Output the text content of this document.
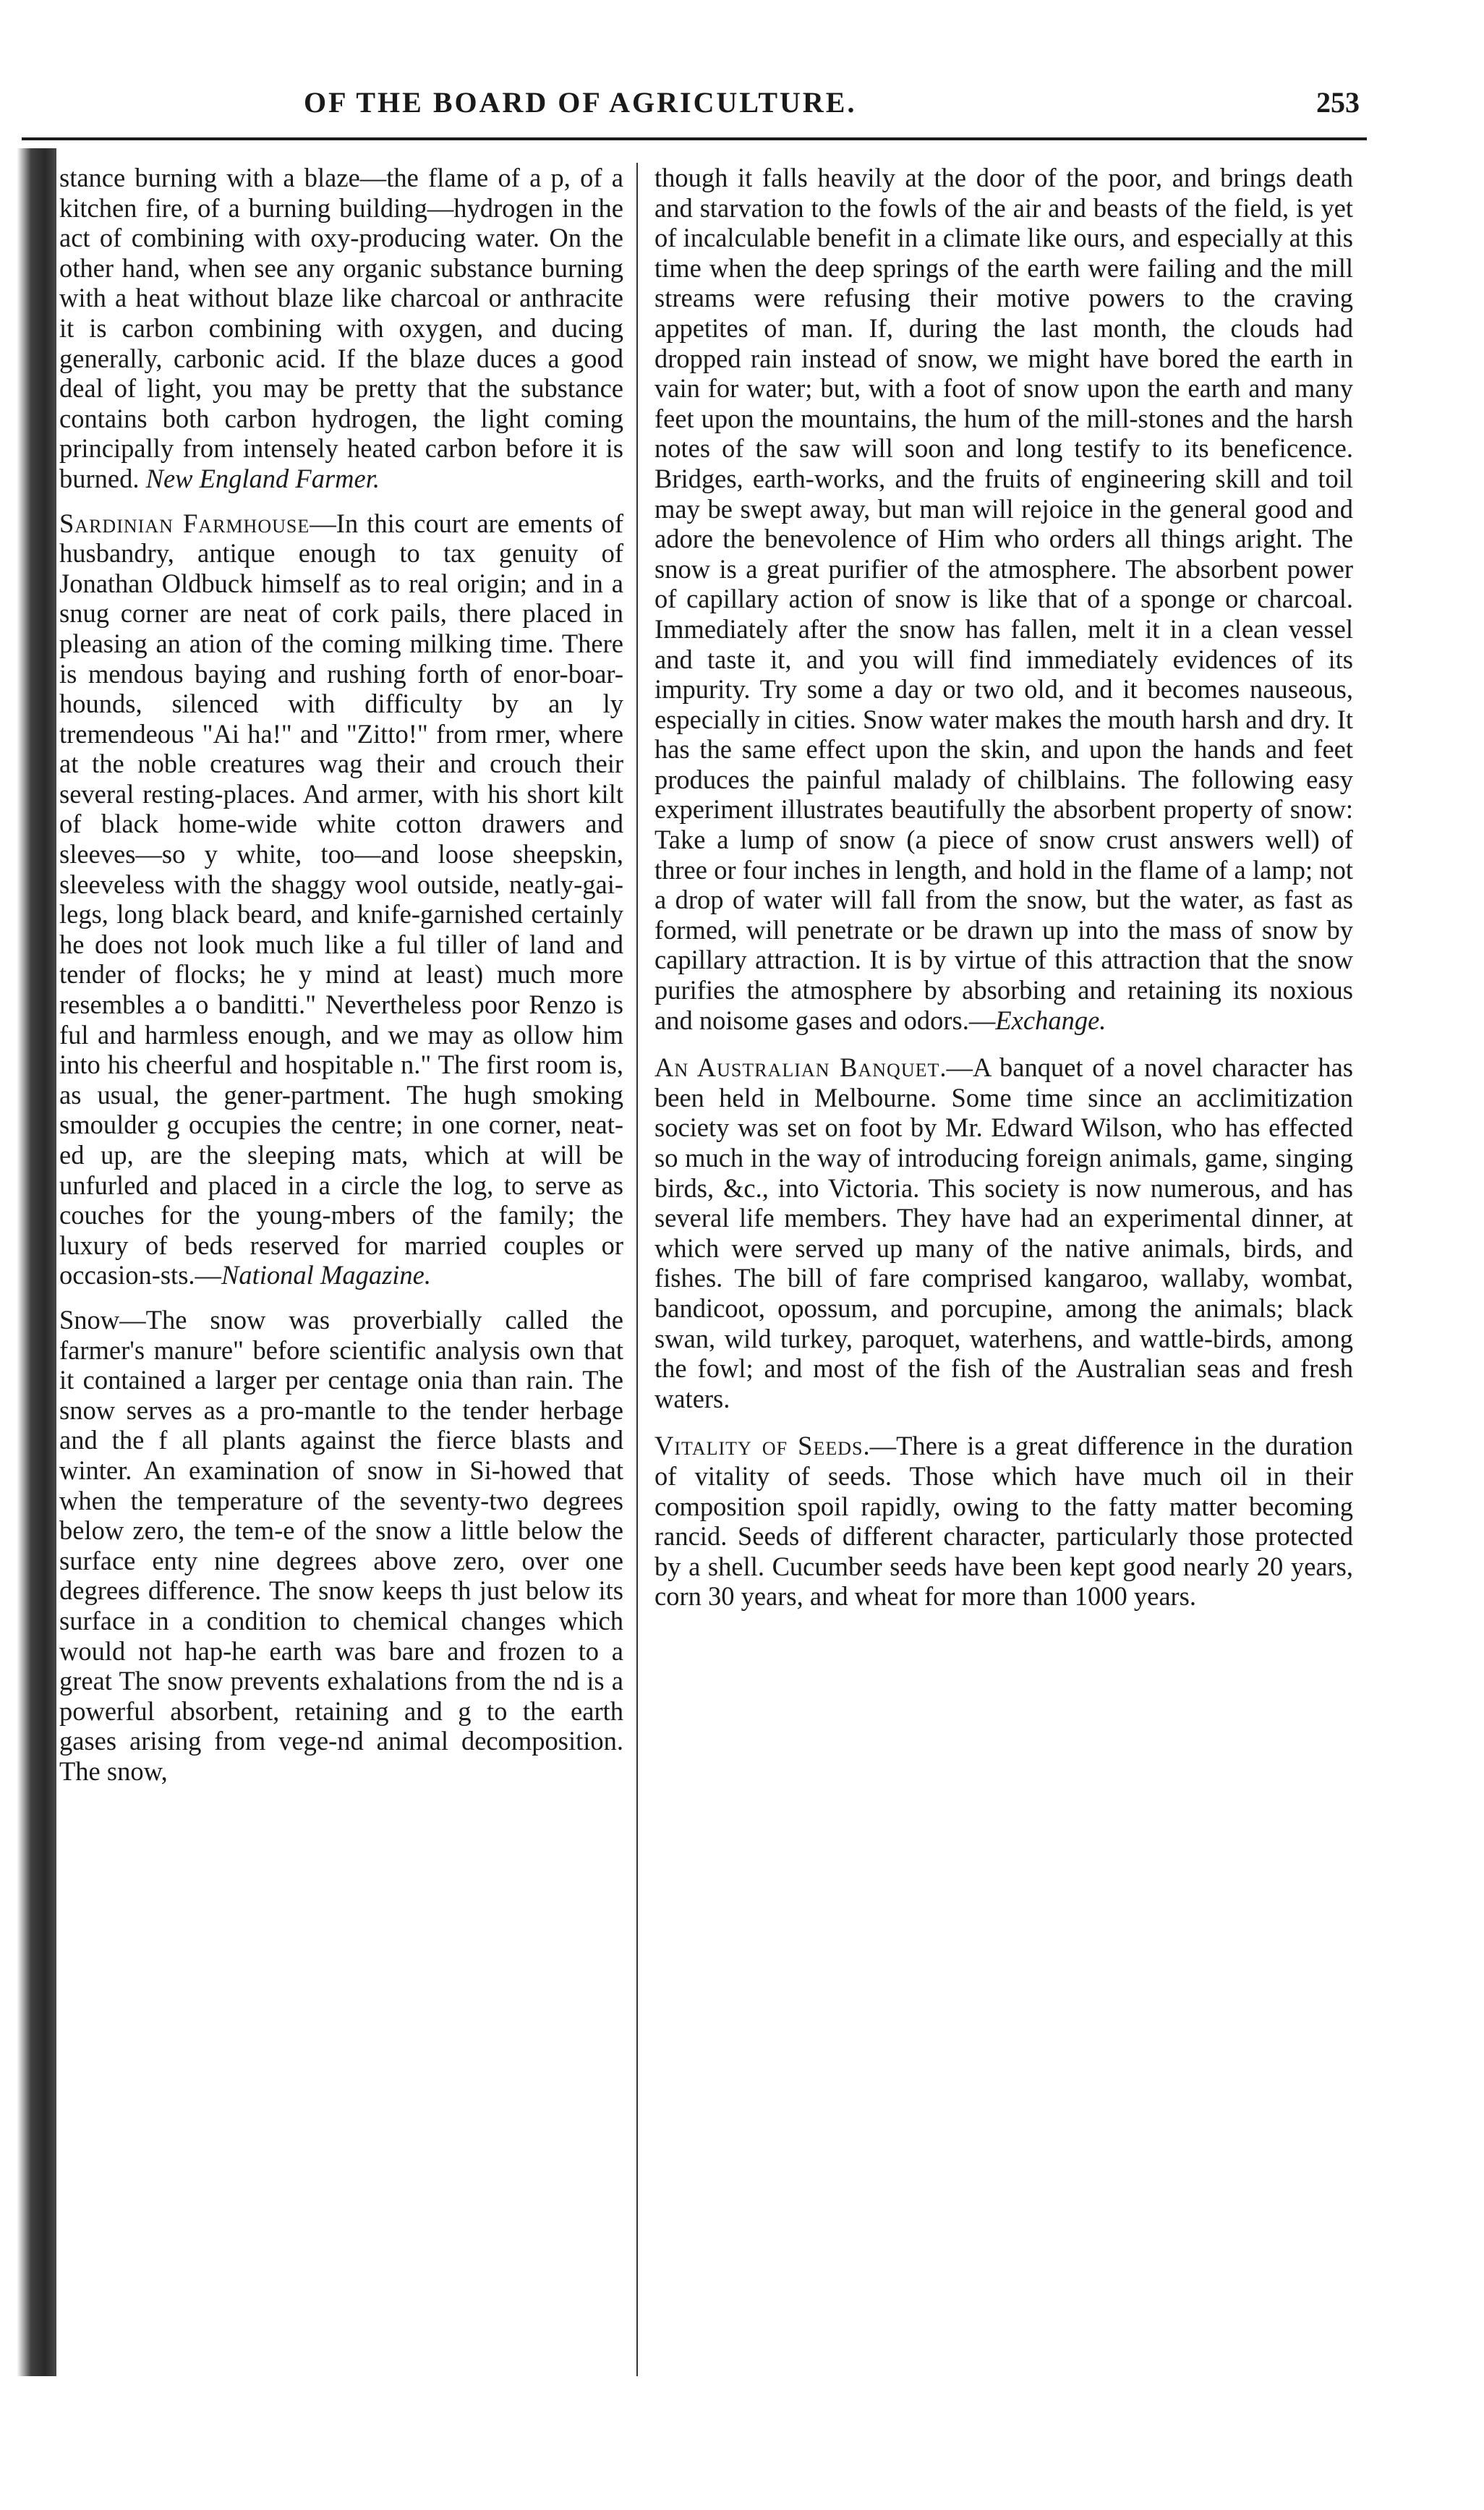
OF THE BOARD OF AGRICULTURE.	253

stance burning with a blaze—the flame of a p, of a kitchen fire, of a burning building—hydrogen in the act of combining with oxy-producing water. On the other hand, when see any organic substance burning with a heat without blaze like charcoal or anthracite it is carbon combining with oxygen, and ducing generally, carbonic acid. If the blaze duces a good deal of light, you may be pretty that the substance contains both carbon hydrogen, the light coming principally from intensely heated carbon before it is burned. New England Farmer.

Sardinian Farmhouse—In this court are ements of husbandry, antique enough to tax genuity of Jonathan Oldbuck himself as to real origin; and in a snug corner are neat of cork pails, there placed in pleasing an ation of the coming milking time. There is mendous baying and rushing forth of enor-boar-hounds, silenced with difficulty by an ly tremendeous "Ai ha!" and "Zitto!" from rmer, where at the noble creatures wag their and crouch their several resting-places. And armer, with his short kilt of black home-wide white cotton drawers and sleeves—so y white, too—and loose sheepskin, sleeveless with the shaggy wool outside, neatly-gai-legs, long black beard, and knife-garnished certainly he does not look much like a ful tiller of land and tender of flocks; he y mind at least) much more resembles a o banditti." Nevertheless poor Renzo is ful and harmless enough, and we may as ollow him into his cheerful and hospitable n." The first room is, as usual, the gener-partment. The hugh smoking smoulder g occupies the centre; in one corner, neat-ed up, are the sleeping mats, which at will be unfurled and placed in a circle the log, to serve as couches for the young-mbers of the family; the luxury of beds reserved for married couples or occasion-sts.—National Magazine.

Snow—The snow was proverbially called the farmer's manure" before scientific analysis own that it contained a larger per centage onia than rain. The snow serves as a pro-mantle to the tender herbage and the f all plants against the fierce blasts and winter. An examination of snow in Si-howed that when the temperature of the seventy-two degrees below zero, the tem-e of the snow a little below the surface enty nine degrees above zero, over one degrees difference. The snow keeps th just below its surface in a condition to chemical changes which would not hap-he earth was bare and frozen to a great The snow prevents exhalations from the nd is a powerful absorbent, retaining and g to the earth gases arising from vege-nd animal decomposition. The snow,

though it falls heavily at the door of the poor, and brings death and starvation to the fowls of the air and beasts of the field, is yet of incalculable benefit in a climate like ours, and especially at this time when the deep springs of the earth were failing and the mill streams were refusing their motive powers to the craving appetites of man. If, during the last month, the clouds had dropped rain instead of snow, we might have bored the earth in vain for water; but, with a foot of snow upon the earth and many feet upon the mountains, the hum of the mill-stones and the harsh notes of the saw will soon and long testify to its beneficence. Bridges, earth-works, and the fruits of engineering skill and toil may be swept away, but man will rejoice in the general good and adore the benevolence of Him who orders all things aright. The snow is a great purifier of the atmosphere. The absorbent power of capillary action of snow is like that of a sponge or charcoal. Immediately after the snow has fallen, melt it in a clean vessel and taste it, and you will find immediately evidences of its impurity. Try some a day or two old, and it becomes nauseous, especially in cities. Snow water makes the mouth harsh and dry. It has the same effect upon the skin, and upon the hands and feet produces the painful malady of chilblains. The following easy experiment illustrates beautifully the absorbent property of snow: Take a lump of snow (a piece of snow crust answers well) of three or four inches in length, and hold in the flame of a lamp; not a drop of water will fall from the snow, but the water, as fast as formed, will penetrate or be drawn up into the mass of snow by capillary attraction. It is by virtue of this attraction that the snow purifies the atmosphere by absorbing and retaining its noxious and noisome gases and odors.—Exchange.

An Australian Banquet.—A banquet of a novel character has been held in Melbourne. Some time since an acclimitization society was set on foot by Mr. Edward Wilson, who has effected so much in the way of introducing foreign animals, game, singing birds, &c., into Victoria. This society is now numerous, and has several life members. They have had an experimental dinner, at which were served up many of the native animals, birds, and fishes. The bill of fare comprised kangaroo, wallaby, wombat, bandicoot, opossum, and porcupine, among the animals; black swan, wild turkey, paroquet, waterhens, and wattle-birds, among the fowl; and most of the fish of the Australian seas and fresh waters.

Vitality of Seeds.—There is a great difference in the duration of vitality of seeds. Those which have much oil in their composition spoil rapidly, owing to the fatty matter becoming rancid. Seeds of different character, particularly those protected by a shell. Cucumber seeds have been kept good nearly 20 years, corn 30 years, and wheat for more than 1000 years.
